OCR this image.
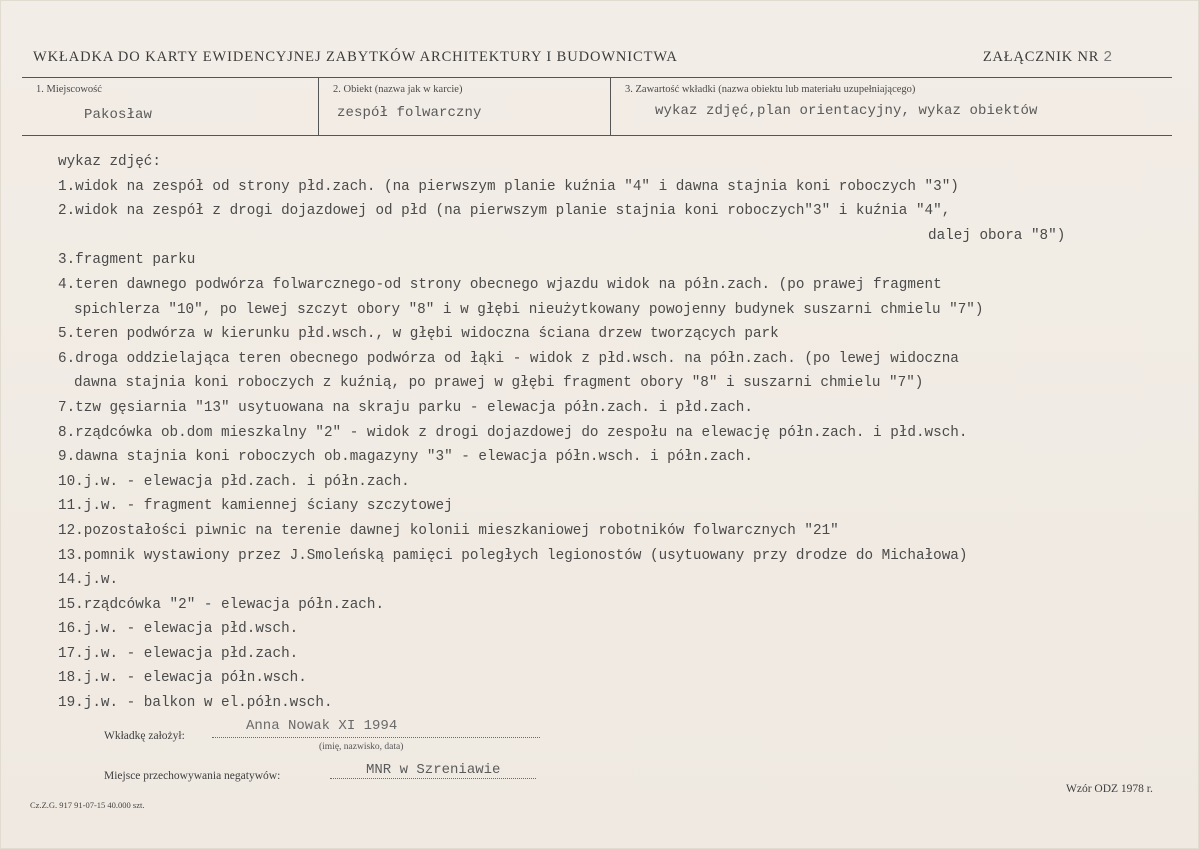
WKŁADKA DO KARTY EWIDENCYJNEJ ZABYTKÓW ARCHITEKTURY I BUDOWNICTWA	ZAŁĄCZNIK NR 2
1. Miejscowość
Pakosław
2. Obiekt (nazwa jak w karcie)
zespół folwarczny
3. Zawartość wkładki (nazwa obiektu lub materiału uzupełniającego)
wykaz zdjęć,plan orientacyjny, wykaz obiektów
wykaz zdjęć:
1.widok na zespół od strony płd.zach. (na pierwszym planie kuźnia "4" i dawna stajnia koni roboczych "3")
2.widok na zespół z drogi dojazdowej od płd (na pierwszym planie stajnia koni roboczych"3" i kuźnia "4",
dalej obora "8")
3.fragment parku
4.teren dawnego podwórza folwarcznego-od strony obecnego wjazdu widok na półn.zach. (po prawej fragment
spichlerza "10", po lewej szczyt obory "8" i w głębi nieużytkowany powojenny budynek suszarni chmielu "7")
5.teren podwórza w kierunku płd.wsch., w głębi widoczna ściana drzew tworzących park
6.droga oddzielająca teren obecnego podwórza od łąki - widok z płd.wsch. na półn.zach. (po lewej widoczna
dawna stajnia koni roboczych z kuźnią, po prawej w głębi fragment obory "8" i suszarni chmielu "7")
7.tzw gęsiarnia "13" usytuowana na skraju parku - elewacja półn.zach. i płd.zach.
8.rządcówka ob.dom mieszkalny "2" - widok z drogi dojazdowej do zespołu na elewację półn.zach. i płd.wsch.
9.dawna stajnia koni roboczych ob.magazyny "3" - elewacja półn.wsch. i półn.zach.
10.j.w. - elewacja płd.zach. i półn.zach.
11.j.w. - fragment kamiennej ściany szczytowej
12.pozostałości piwnic na terenie dawnej kolonii mieszkaniowej robotników folwarcznych "21"
13.pomnik wystawiony przez J.Smoleńską pamięci poległych legionostów (usytuowany przy drodze do Michałowa)
14.j.w.
15.rządcówka "2" - elewacja półn.zach.
16.j.w. - elewacja płd.wsch.
17.j.w. - elewacja płd.zach.
18.j.w. - elewacja półn.wsch.
19.j.w. - balkon w el.półn.wsch.
Wkładkę założył:
Anna Nowak XI 1994
(imię, nazwisko, data)
Miejsce przechowywania negatywów:	MNR w Szreniawie
Cz.Z.G. 917 91-07-15 40.000 szt.
Wzór ODZ 1978 r.
